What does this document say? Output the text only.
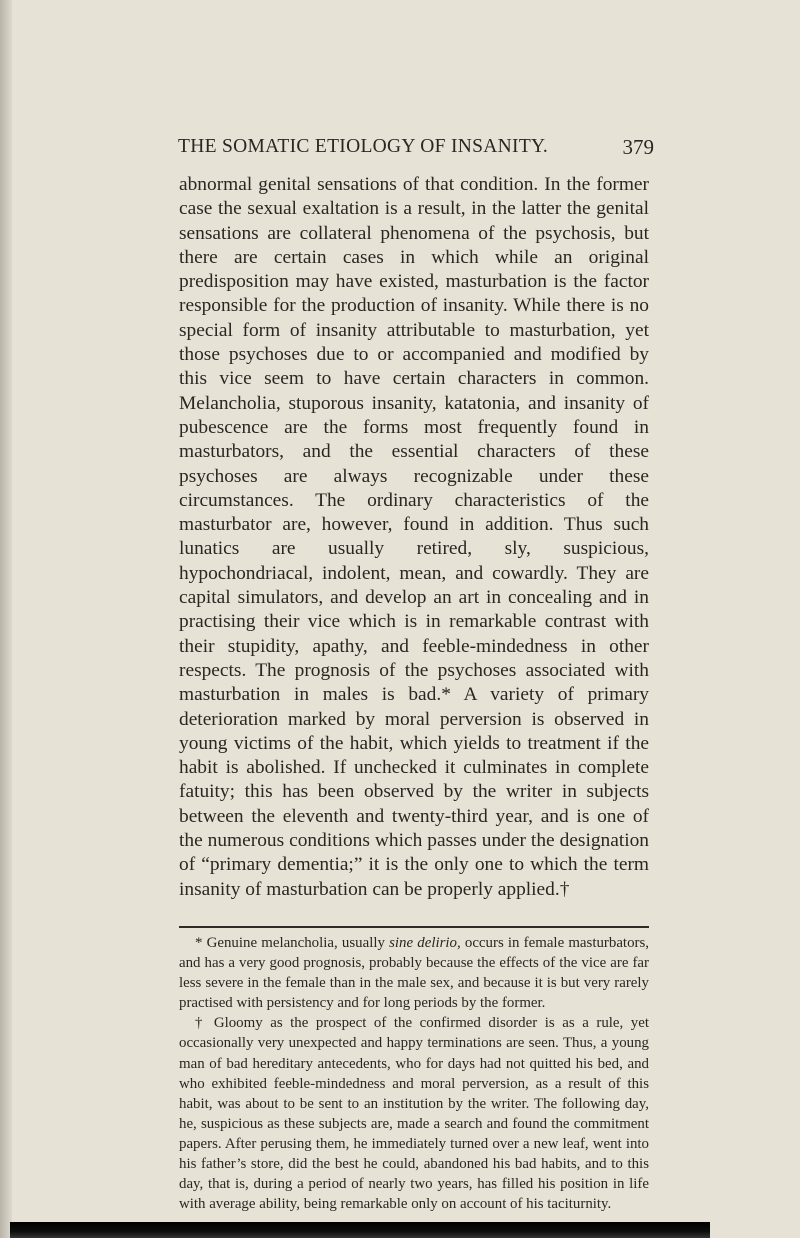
THE SOMATIC ETIOLOGY OF INSANITY.	379

abnormal genital sensations of that condition. In the former case the sexual exaltation is a result, in the latter the genital sensations are collateral phenomena of the psychosis, but there are certain cases in which while an original predisposition may have existed, masturbation is the factor responsible for the production of insanity. While there is no special form of insanity attributable to masturbation, yet those psychoses due to or accompanied and modified by this vice seem to have certain characters in common. Melancholia, stuporous insanity, katatonia, and insanity of pubescence are the forms most frequently found in masturbators, and the essential characters of these psychoses are always recognizable under these circumstances. The ordinary characteristics of the masturbator are, however, found in addition. Thus such lunatics are usually retired, sly, suspicious, hypochondriacal, indolent, mean, and cowardly. They are capital simulators, and develop an art in concealing and in practising their vice which is in remarkable contrast with their stupidity, apathy, and feeble-mindedness in other respects. The prognosis of the psychoses associated with masturbation in males is bad.* A variety of primary deterioration marked by moral perversion is observed in young victims of the habit, which yields to treatment if the habit is abolished. If unchecked it culminates in complete fatuity; this has been observed by the writer in subjects between the eleventh and twenty-third year, and is one of the numerous conditions which passes under the designation of “primary dementia;” it is the only one to which the term insanity of masturbation can be properly applied.†

* Genuine melancholia, usually sine delirio, occurs in female masturbators, and has a very good prognosis, probably because the effects of the vice are far less severe in the female than in the male sex, and because it is but very rarely practised with persistency and for long periods by the former.

† Gloomy as the prospect of the confirmed disorder is as a rule, yet occasionally very unexpected and happy terminations are seen. Thus, a young man of bad hereditary antecedents, who for days had not quitted his bed, and who exhibited feeble-mindedness and moral perversion, as a result of this habit, was about to be sent to an institution by the writer. The following day, he, suspicious as these subjects are, made a search and found the commitment papers. After perusing them, he immediately turned over a new leaf, went into his father’s store, did the best he could, abandoned his bad habits, and to this day, that is, during a period of nearly two years, has filled his position in life with average ability, being remarkable only on account of his taciturnity.
